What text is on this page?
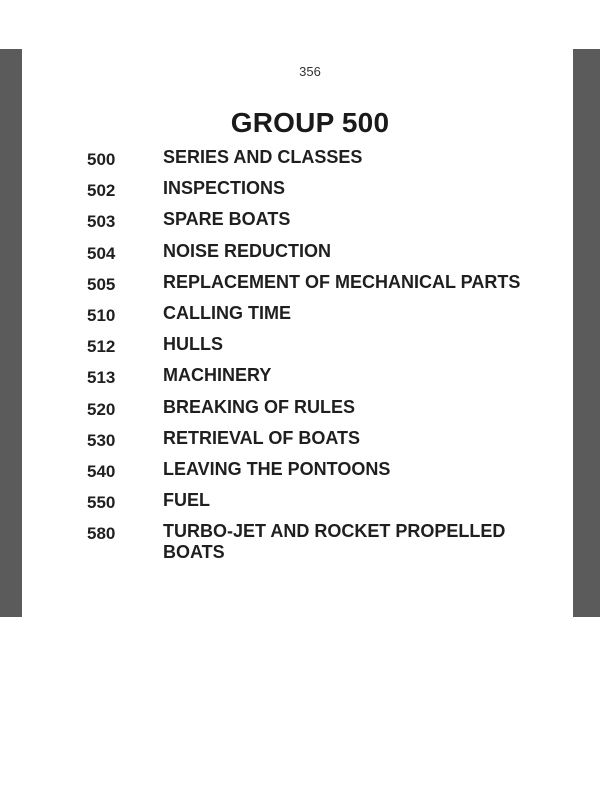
356
GROUP 500
500	SERIES AND CLASSES
502	INSPECTIONS
503	SPARE BOATS
504	NOISE REDUCTION
505	REPLACEMENT OF MECHANICAL PARTS
510	CALLING TIME
512	HULLS
513	MACHINERY
520	BREAKING OF RULES
530	RETRIEVAL OF BOATS
540	LEAVING THE PONTOONS
550	FUEL
580	TURBO-JET AND ROCKET PROPELLED BOATS
